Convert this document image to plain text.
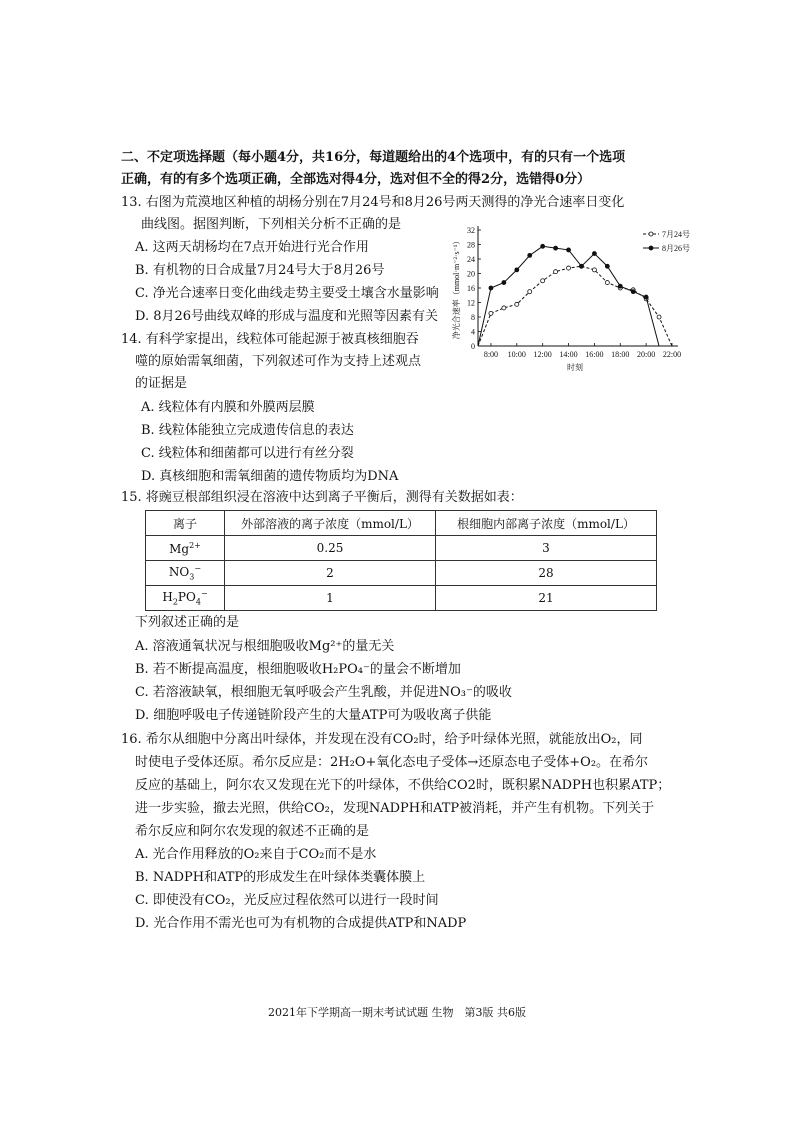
二、不定项选择题（每小题4分，共16分，每道题给出的4个选项中，有的只有一个选项
正确，有的有多个选项正确，全部选对得4分，选对但不全的得2分，选错得0分）
13. 右图为荒漠地区种植的胡杨分别在7月24号和8月26号两天测得的净光合速率日变化
曲线图。据图判断，下列相关分析不正确的是
A. 这两天胡杨均在7点开始进行光合作用
B. 有机物的日合成量7月24号大于8月26号
C. 净光合速率日变化曲线走势主要受土壤含水量影响
D. 8月26号曲线双峰的形成与温度和光照等因素有关
0
4
8
12
16
20
24
28
32
8:00 10:00 12:00 14:00 16:00 18:00 20:00 22:00
7月24号
8月26号
净光合速率（mmol·m⁻²·s⁻¹）
时刻
14. 有科学家提出，线粒体可能起源于被真核细胞吞
噬的原始需氧细菌，下列叙述可作为支持上述观点
的证据是
A. 线粒体有内膜和外膜两层膜
B. 线粒体能独立完成遗传信息的表达
C. 线粒体和细菌都可以进行有丝分裂
D. 真核细胞和需氧细菌的遗传物质均为DNA
15. 将豌豆根部组织浸在溶液中达到离子平衡后，测得有关数据如表：
离子	外部溶液的离子浓度（mmol/L）	根细胞内部离子浓度（mmol/L）
$Mg^{2+}$	0.25	3
$NO_3^-$	2	28
$H_2PO_4^-$	1	21
下列叙述正确的是
A. 溶液通氧状况与根细胞吸收Mg²⁺的量无关
B. 若不断提高温度，根细胞吸收H₂PO₄⁻的量会不断增加
C. 若溶液缺氧，根细胞无氧呼吸会产生乳酸，并促进NO₃⁻的吸收
D. 细胞呼吸电子传递链阶段产生的大量ATP可为吸收离子供能
16. 希尔从细胞中分离出叶绿体，并发现在没有CO₂时，给予叶绿体光照，就能放出O₂，同
时使电子受体还原。希尔反应是：2H₂O+氧化态电子受体→还原态电子受体+O₂。在希尔
反应的基础上，阿尔农又发现在光下的叶绿体，不供给CO2时，既积累NADPH也积累ATP；
进一步实验，撤去光照，供给CO₂，发现NADPH和ATP被消耗，并产生有机物。下列关于
希尔反应和阿尔农发现的叙述不正确的是
A. 光合作用释放的O₂来自于CO₂而不是水
B. NADPH和ATP的形成发生在叶绿体类囊体膜上
C. 即使没有CO₂，光反应过程依然可以进行一段时间
D. 光合作用不需光也可为有机物的合成提供ATP和NADP
2021年下学期高一期末考试试题 生物　第3版 共6版
